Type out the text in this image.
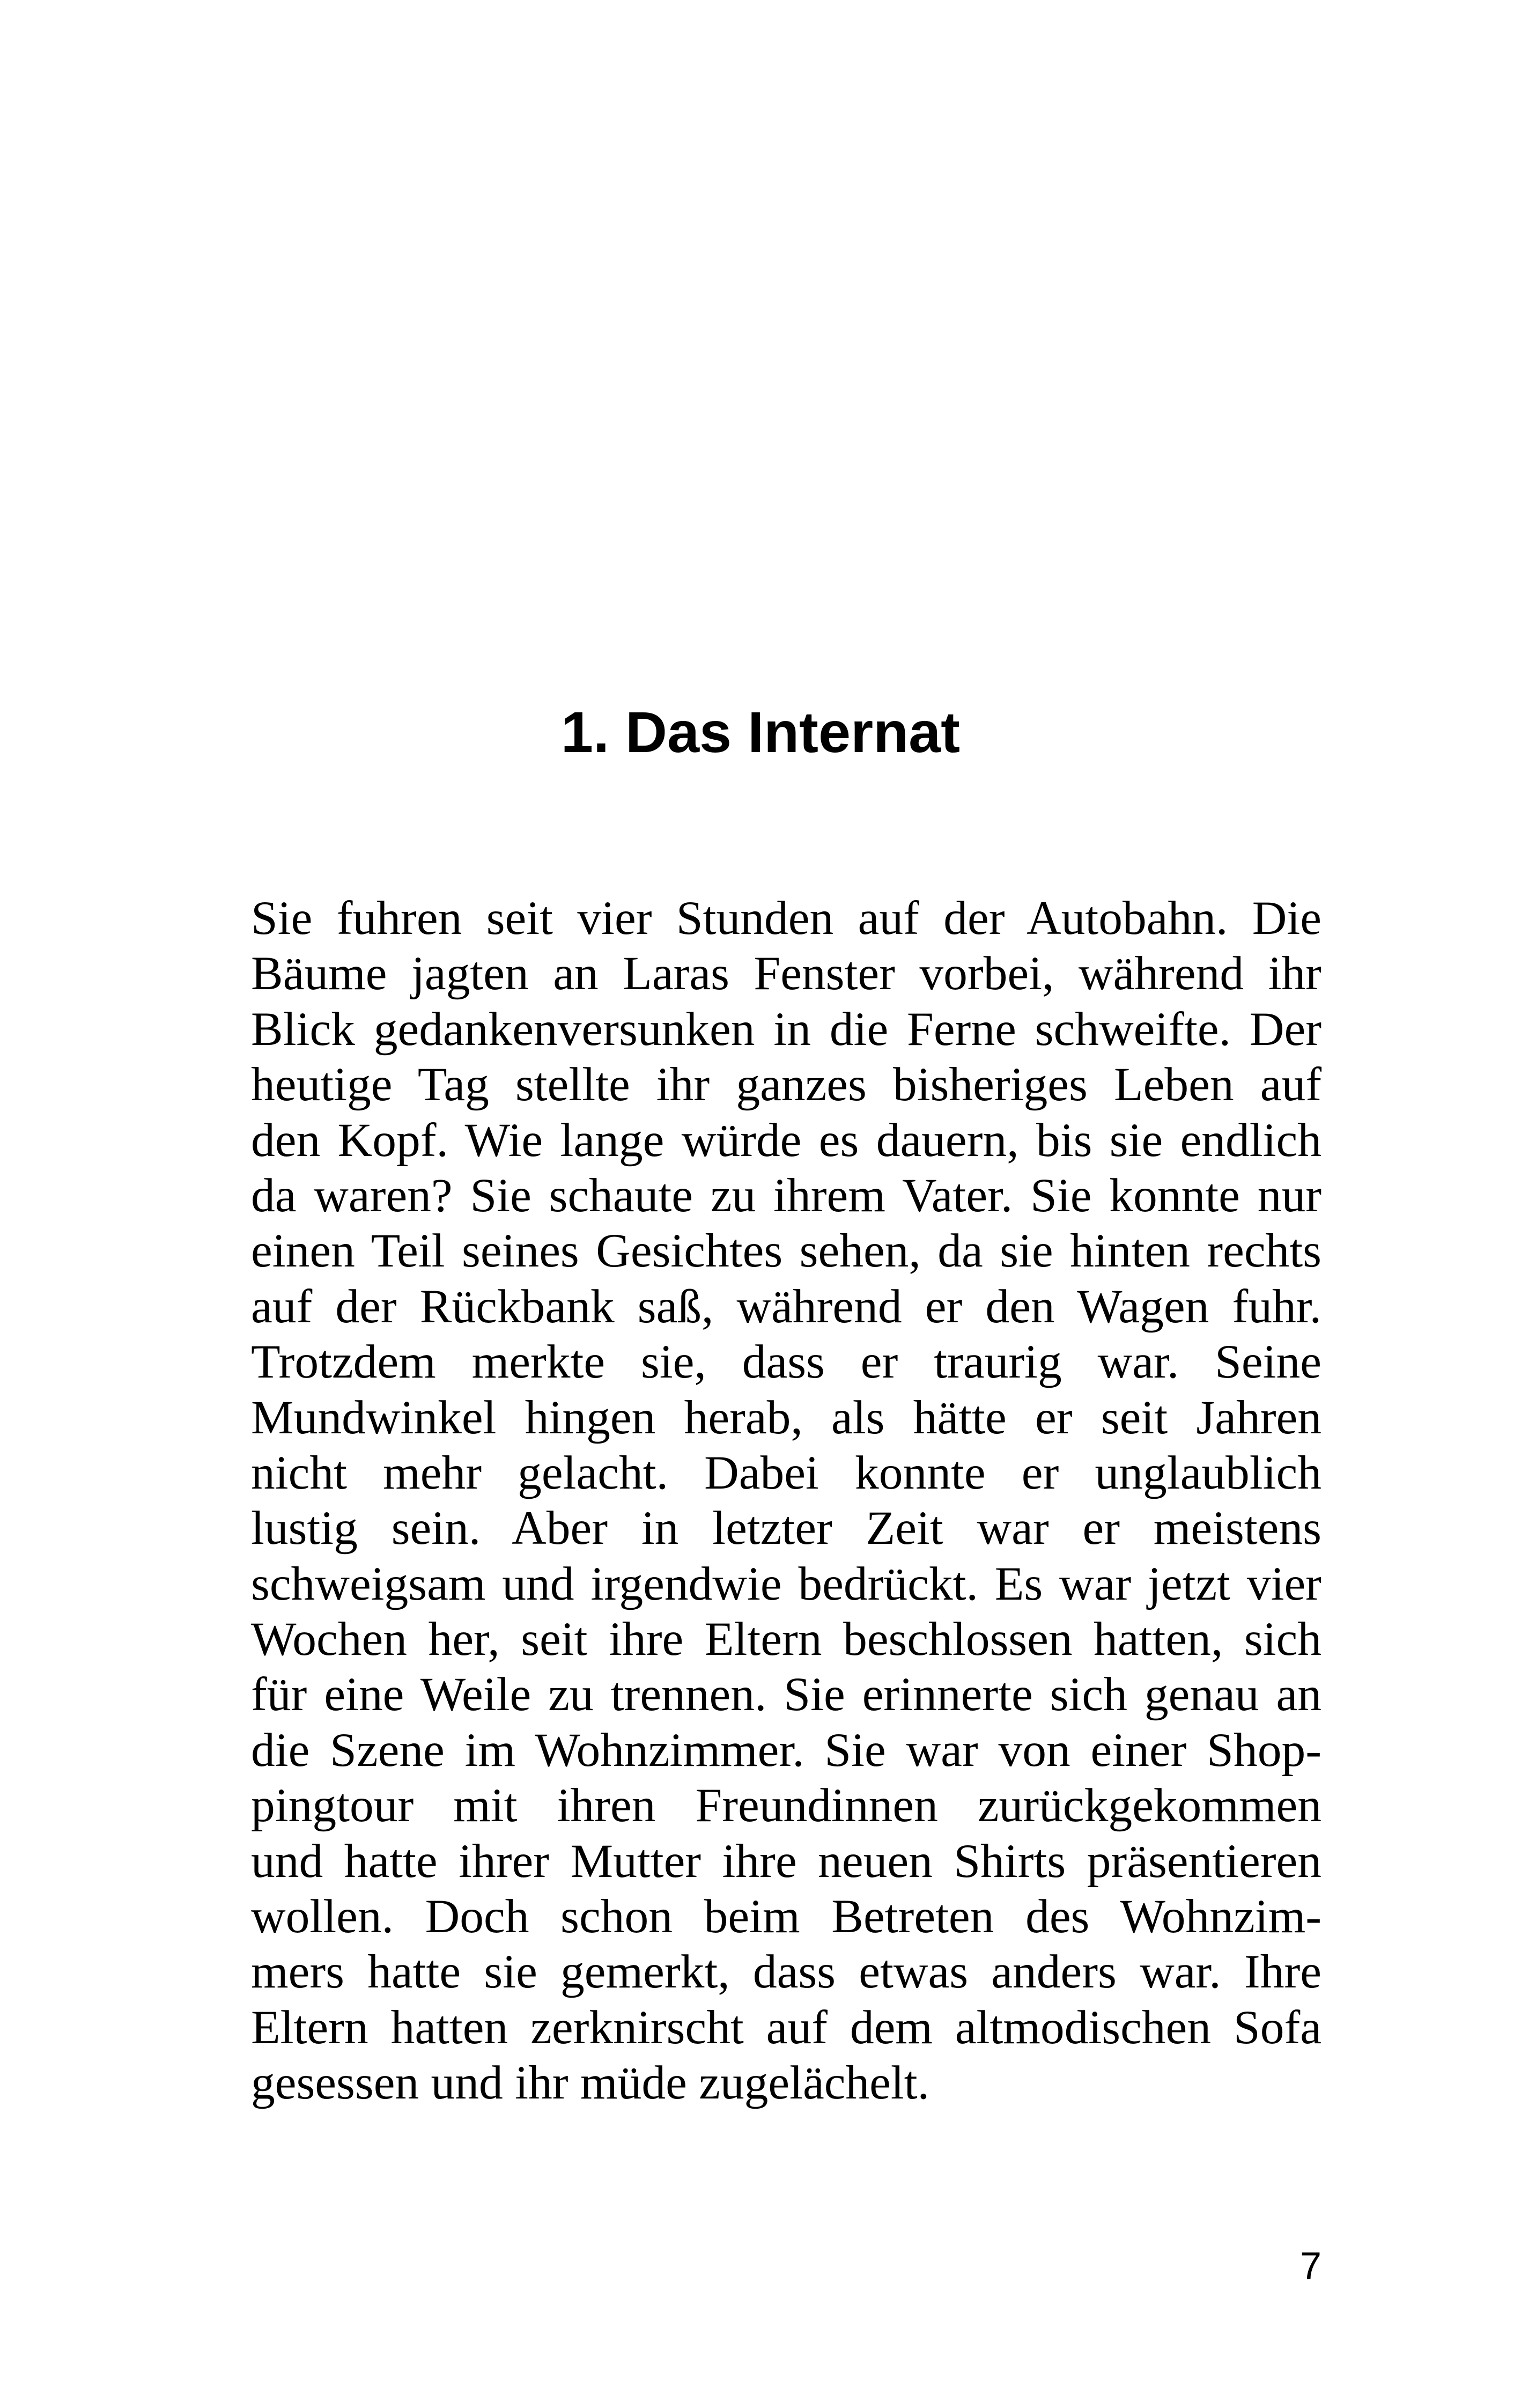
1. Das Internat
Sie fuhren seit vier Stunden auf der Autobahn. Die
Bäume jagten an Laras Fenster vorbei, während ihr
Blick gedankenversunken in die Ferne schweifte. Der
heutige Tag stellte ihr ganzes bisheriges Leben auf
den Kopf. Wie lange würde es dauern, bis sie endlich
da waren? Sie schaute zu ihrem Vater. Sie konnte nur
einen Teil seines Gesichtes sehen, da sie hinten rechts
auf der Rückbank saß, während er den Wagen fuhr.
Trotzdem merkte sie, dass er traurig war. Seine
Mundwinkel hingen herab, als hätte er seit Jahren
nicht mehr gelacht. Dabei konnte er unglaublich
lustig sein. Aber in letzter Zeit war er meistens
schweigsam und irgendwie bedrückt. Es war jetzt vier
Wochen her, seit ihre Eltern beschlossen hatten, sich
für eine Weile zu trennen. Sie erinnerte sich genau an
die Szene im Wohnzimmer. Sie war von einer Shop-
pingtour mit ihren Freundinnen zurückgekommen
und hatte ihrer Mutter ihre neuen Shirts präsentieren
wollen. Doch schon beim Betreten des Wohnzim-
mers hatte sie gemerkt, dass etwas anders war. Ihre
Eltern hatten zerknirscht auf dem altmodischen Sofa
gesessen und ihr müde zugelächelt.
7
